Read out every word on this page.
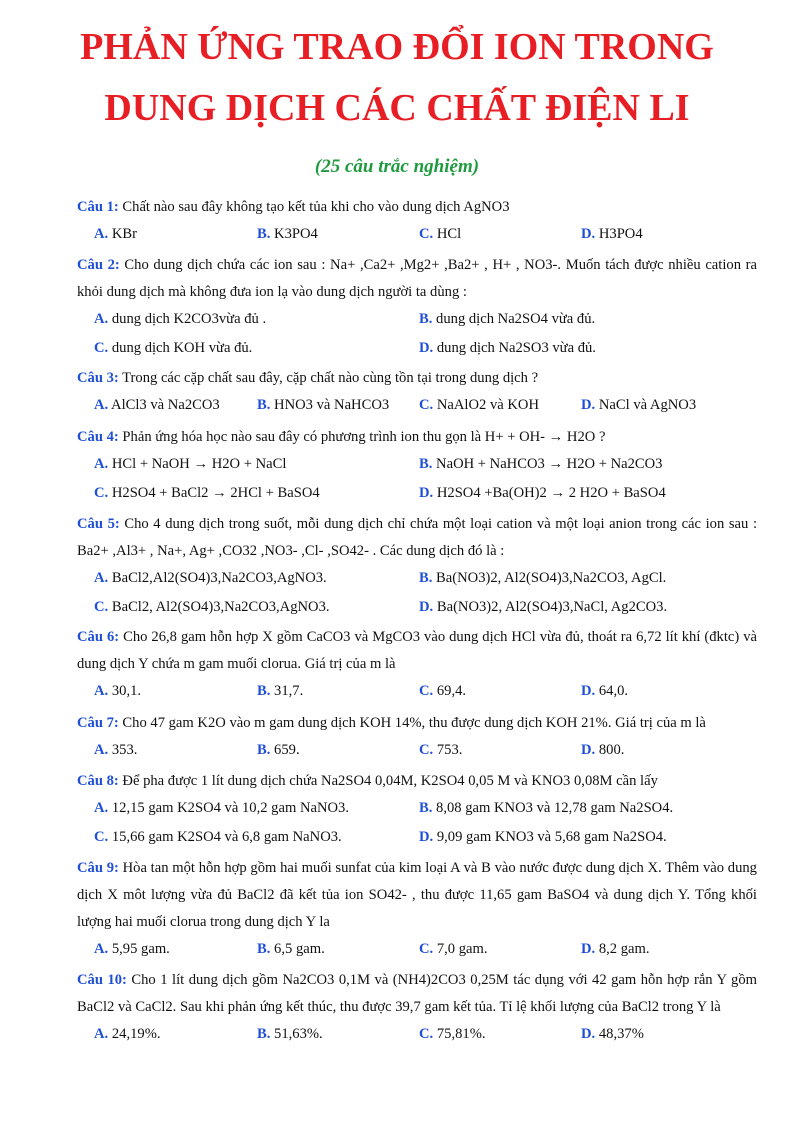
PHẢN ỨNG TRAO ĐỔI ION TRONG
DUNG DỊCH CÁC CHẤT ĐIỆN LI
(25 câu trắc nghiệm)
Câu 1: Chất nào sau đây không tạo kết tủa khi cho vào dung dịch AgNO3
A. KBr	B. K3PO4	C. HCl	D. H3PO4
Câu 2: Cho dung dịch chứa các ion sau : Na+ ,Ca2+ ,Mg2+ ,Ba2+ , H+ , NO3-. Muốn tách được nhiều cation ra khỏi dung dịch mà không đưa ion lạ vào dung dịch người ta dùng :
A. dung dịch K2CO3vừa đủ .	B. dung dịch Na2SO4 vừa đủ.
C. dung dịch KOH vừa đủ.	D. dung dịch Na2SO3 vừa đủ.
Câu 3: Trong các cặp chất sau đây, cặp chất nào cùng tồn tại trong dung dịch ?
A. AlCl3 và Na2CO3	B. HNO3 và NaHCO3 C. NaAlO2 và KOH	D. NaCl và AgNO3
Câu 4: Phản ứng hóa học nào sau đây có phương trình ion thu gọn là H+ + OH- → H2O ?
A. HCl + NaOH → H2O + NaCl	B. NaOH + NaHCO3 → H2O + Na2CO3
C. H2SO4 + BaCl2 → 2HCl + BaSO4	D. H2SO4 +Ba(OH)2 → 2 H2O + BaSO4
Câu 5: Cho 4 dung dịch trong suốt, mỗi dung dịch chỉ chứa một loại cation và một loại anion trong các ion sau : Ba2+ ,Al3+ , Na+, Ag+ ,CO32 ,NO3- ,Cl- ,SO42- . Các dung dịch đó là :
A. BaCl2,Al2(SO4)3,Na2CO3,AgNO3.	B. Ba(NO3)2, Al2(SO4)3,Na2CO3, AgCl.
C. BaCl2, Al2(SO4)3,Na2CO3,AgNO3.	D. Ba(NO3)2, Al2(SO4)3,NaCl, Ag2CO3.
Câu 6: Cho 26,8 gam hỗn hợp X gồm CaCO3 và MgCO3 vào dung dịch HCl vừa đủ, thoát ra 6,72 lít khí (đktc) và dung dịch Y chứa m gam muối clorua. Giá trị của m là
A. 30,1.	B. 31,7.	C. 69,4.	D. 64,0.
Câu 7: Cho 47 gam K2O vào m gam dung dịch KOH 14%, thu được dung dịch KOH 21%. Giá trị của m là
A. 353.	B. 659.	C. 753.	D. 800.
Câu 8: Để pha được 1 lít dung dịch chứa Na2SO4 0,04M, K2SO4 0,05 M và KNO3 0,08M cần lấy
A. 12,15 gam K2SO4 và 10,2 gam NaNO3.	B. 8,08 gam KNO3 và 12,78 gam Na2SO4.
C. 15,66 gam K2SO4 và 6,8 gam NaNO3.	D. 9,09 gam KNO3 và 5,68 gam Na2SO4.
Câu 9: Hòa tan một hỗn hợp gồm hai muối sunfat của kim loại A và B vào nước được dung dịch X. Thêm vào dung dịch X môt lượng vừa đủ BaCl2 đã kết tủa ion SO42- , thu được 11,65 gam BaSO4 và dung dịch Y. Tổng khối lượng hai muối clorua trong dung dịch Y la
A. 5,95 gam.	B. 6,5 gam.	C. 7,0 gam.	D. 8,2 gam.
Câu 10: Cho 1 lít dung dịch gồm Na2CO3 0,1M và (NH4)2CO3 0,25M tác dụng với 42 gam hỗn hợp rắn Y gồm BaCl2 và CaCl2. Sau khi phản ứng kết thúc, thu được 39,7 gam kết tủa. Tỉ lệ khối lượng của BaCl2 trong Y là
A. 24,19%.	B. 51,63%.	C. 75,81%.	D. 48,37%
